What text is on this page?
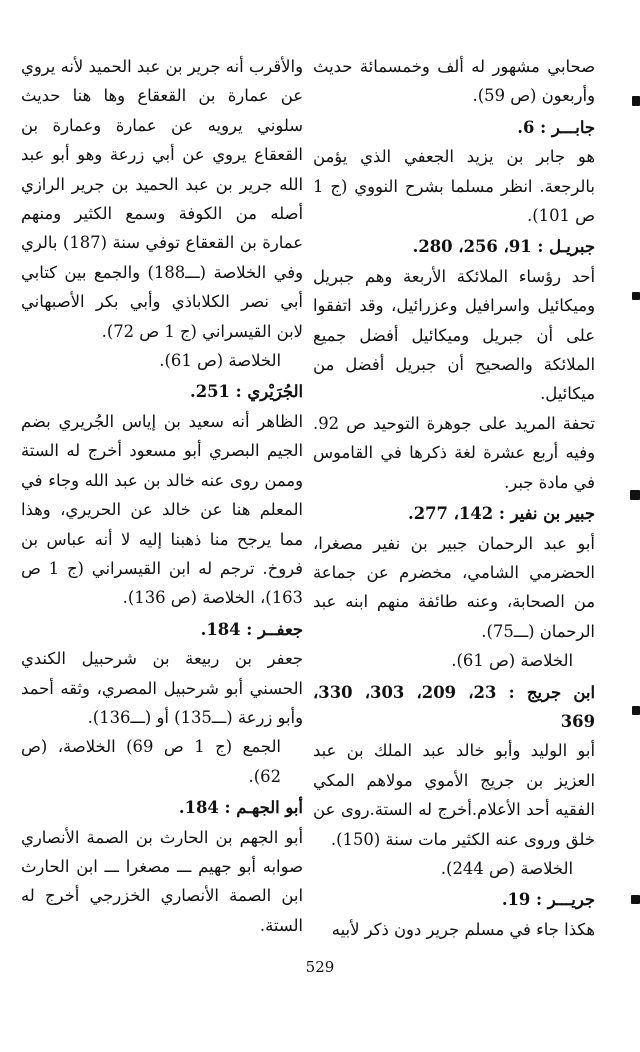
صحابي مشهور له ألف وخمسمائة حديث وأربعون (ص 59).

جابـــر : 6.

هو جابر بن يزيد الجعفي الذي يؤمن بالرجعة. انظر مسلما بشرح النووي (ج 1 ص 101).

جبريـل : 91، 256، 280.

أحد رؤساء الملائكة الأربعة وهم جبريل وميكائيل واسرافيل وعزرائيل، وقد اتفقوا على أن جبريل وميكائيل أفضل جميع الملائكة والصحيح أن جبريل أفضل من ميكائيل.

تحفة المريد على جوهرة التوحيد ص 92. وفيه أربع عشرة لغة ذكرها في القاموس في مادة جبر.

جبير بن نفير : 142، 277.

أبو عبد الرحمان جبير بن نفير مصغرا، الحضرمي الشامي، مخضرم عن جماعة من الصحابة، وعنه طائفة منهم ابنه عبد الرحمان (ـــ75).

الخلاصة (ص 61).

ابن جريج : 23، 209، 303، 330، 369

أبو الوليد وأبو خالد عبد الملك بن عبد العزيز بن جريج الأموي مولاهم المكي الفقيه أحد الأعلام.أخرج له الستة.روى عن خلق وروى عنه الكثير مات سنة (150).

الخلاصة (ص 244).

جريـــر : 19.

هكذا جاء في مسلم جرير دون ذكر لأبيه

والأقرب أنه جرير بن عبد الحميد لأنه يروي عن عمارة بن القعقاع وها هنا حديث سلوني يرويه عن عمارة وعمارة بن القعقاع يروي عن أبي زرعة وهو أبو عبد الله جرير بن عبد الحميد بن جرير الرازي أصله من الكوفة وسمع الكثير ومنهم عمارة بن القعقاع توفي سنة (187) بالري وفي الخلاصة (ـــ188) والجمع بين كتابي أبي نصر الكلاباذي وأبي بكر الأصبهاني لابن القيسراني (ج 1 ص 72).

الخلاصة (ص 61).

الجُرَيْري : 251.

الظاهر أنه سعيد بن إياس الجُريري بضم الجيم البصري أبو مسعود أخرج له الستة وممن روى عنه خالد بن عبد الله وجاء في المعلم هنا عن خالد عن الحريري، وهذا مما يرجح منا ذهبنا إليه لا أنه عباس بن فروخ. ترجم له ابن القيسراني (ج 1 ص 163)، الخلاصة (ص 136).

جعفــر : 184.

جعفر بن ربيعة بن شرحبيل الكندي الحسني أبو شرحبيل المصري، وثقه أحمد وأبو زرعة (ـــ135) أو (ـــ136).

الجمع (ج 1 ص 69) الخلاصة، (ص 62).

أبو الجهـم : 184.

أبو الجهم بن الحارث بن الصمة الأنصاري صوابه أبو جهيم ـــ مصغرا ـــ ابن الحارث ابن الصمة الأنصاري الخزرجي أخرج له الستة.

529
